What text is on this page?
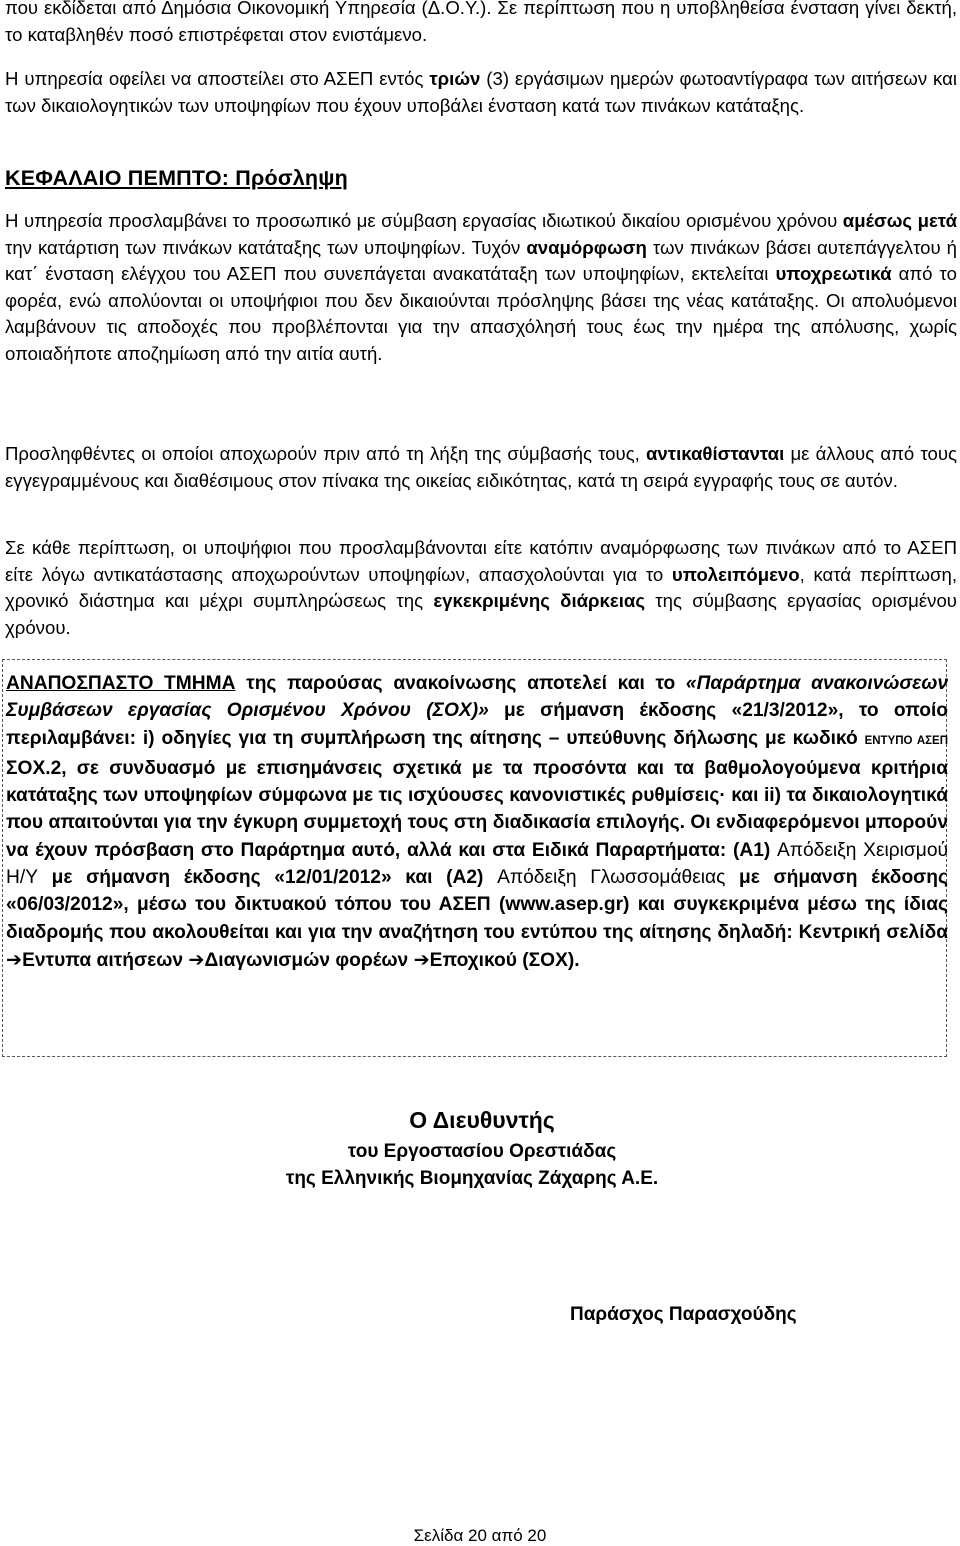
που εκδίδεται από Δημόσια Οικονομική Υπηρεσία (Δ.Ο.Υ.). Σε περίπτωση που η υποβληθείσα ένσταση γίνει δεκτή, το καταβληθέν ποσό επιστρέφεται στον ενιστάμενο.

Η υπηρεσία οφείλει να αποστείλει στο ΑΣΕΠ εντός τριών (3) εργάσιμων ημερών φωτοαντίγραφα των αιτήσεων και των δικαιολογητικών των υποψηφίων που έχουν υποβάλει ένσταση κατά των πινάκων κατάταξης.

ΚΕΦΑΛΑΙΟ ΠΕΜΠΤΟ: Πρόσληψη

Η υπηρεσία προσλαμβάνει το προσωπικό με σύμβαση εργασίας ιδιωτικού δικαίου ορισμένου χρόνου αμέσως μετά την κατάρτιση των πινάκων κατάταξης των υποψηφίων. Τυχόν αναμόρφωση των πινάκων βάσει αυτεπάγγελτου ή κατ΄ ένσταση ελέγχου του ΑΣΕΠ που συνεπάγεται ανακατάταξη των υποψηφίων, εκτελείται υποχρεωτικά από το φορέα, ενώ απολύονται οι υποψήφιοι που δεν δικαιούνται πρόσληψης βάσει της νέας κατάταξης. Οι απολυόμενοι λαμβάνουν τις αποδοχές που προβλέπονται για την απασχόλησή τους έως την ημέρα της απόλυσης, χωρίς οποιαδήποτε αποζημίωση από την αιτία αυτή.

Προσληφθέντες οι οποίοι αποχωρούν πριν από τη λήξη της σύμβασής τους, αντικαθίστανται με άλλους από τους εγγεγραμμένους και διαθέσιμους στον πίνακα της οικείας ειδικότητας, κατά τη σειρά εγγραφής τους σε αυτόν.

Σε κάθε περίπτωση, οι υποψήφιοι που προσλαμβάνονται είτε κατόπιν αναμόρφωσης των πινάκων από το ΑΣΕΠ είτε λόγω αντικατάστασης αποχωρούντων υποψηφίων, απασχολούνται για το υπολειπόμενο, κατά περίπτωση, χρονικό διάστημα και μέχρι συμπληρώσεως της εγκεκριμένης διάρκειας της σύμβασης εργασίας ορισμένου χρόνου.

ΑΝΑΠΟΣΠΑΣΤΟ ΤΜΗΜΑ της παρούσας ανακοίνωσης αποτελεί και το «Παράρτημα ανακοινώσεων Συμβάσεων εργασίας Ορισμένου Χρόνου (ΣΟΧ)» με σήμανση έκδοσης «21/3/2012», το οποίο περιλαμβάνει: i) οδηγίες για τη συμπλήρωση της αίτησης – υπεύθυνης δήλωσης με κωδικό ΕΝΤΥΠΟ ΑΣΕΠ ΣΟΧ.2, σε συνδυασμό με επισημάνσεις σχετικά με τα προσόντα και τα βαθμολογούμενα κριτήρια κατάταξης των υποψηφίων σύμφωνα με τις ισχύουσες κανονιστικές ρυθμίσεις· και ii) τα δικαιολογητικά που απαιτούνται για την έγκυρη συμμετοχή τους στη διαδικασία επιλογής. Οι ενδιαφερόμενοι μπορούν να έχουν πρόσβαση στο Παράρτημα αυτό, αλλά και στα Ειδικά Παραρτήματα: (Α1) Απόδειξη Χειρισμού Η/Υ με σήμανση έκδοσης «12/01/2012» και (Α2) Απόδειξη Γλωσσομάθειας με σήμανση έκδοσης «06/03/2012», μέσω του δικτυακού τόπου του ΑΣΕΠ (www.asep.gr) και συγκεκριμένα μέσω της ίδιας διαδρομής που ακολουθείται και για την αναζήτηση του εντύπου της αίτησης δηλαδή: Κεντρική σελίδα ➔Εντυπα αιτήσεων ➔Διαγωνισμών φορέων ➔Εποχικού (ΣΟΧ).

Ο Διευθυντής
του Εργοστασίου Ορεστιάδας
της Ελληνικής Βιομηχανίας Ζάχαρης Α.Ε.
Παράσχος Παρασχούδης
Σελίδα 20 από 20
